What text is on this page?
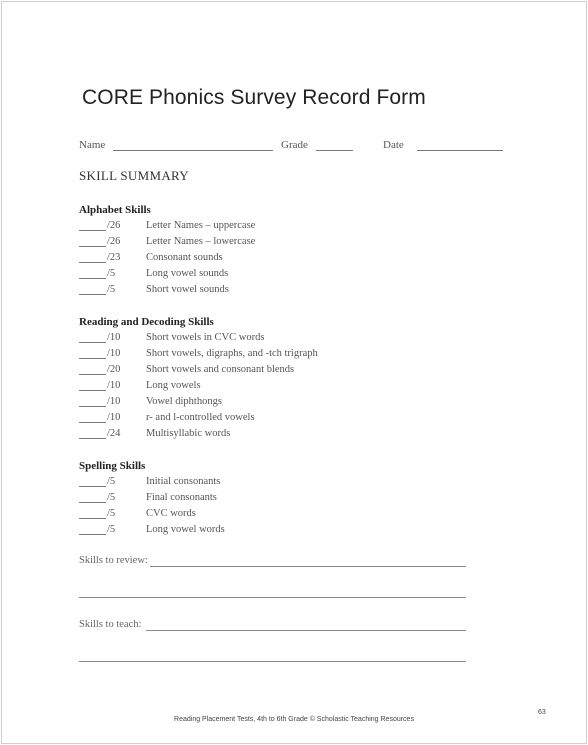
CORE Phonics Survey Record Form
Name	Grade	Date
SKILL SUMMARY
Alphabet Skills
/26 Letter Names – uppercase
/26 Letter Names – lowercase
/23 Consonant sounds
/5	Long vowel sounds
/5	Short vowel sounds
Reading and Decoding Skills
/10 Short vowels in CVC words
/10 Short vowels, digraphs, and -tch trigraph
/20 Short vowels and consonant blends
/10 Long vowels
/10 Vowel diphthongs
/10 r- and l-controlled vowels
/24 Multisyllabic words
Spelling Skills
/5	Initial consonants
/5	Final consonants
/5	CVC words
/5	Long vowel words
Skills to review:
Skills to teach:
63
Reading Placement Tests, 4th to 6th Grade © Scholastic Teaching Resources
